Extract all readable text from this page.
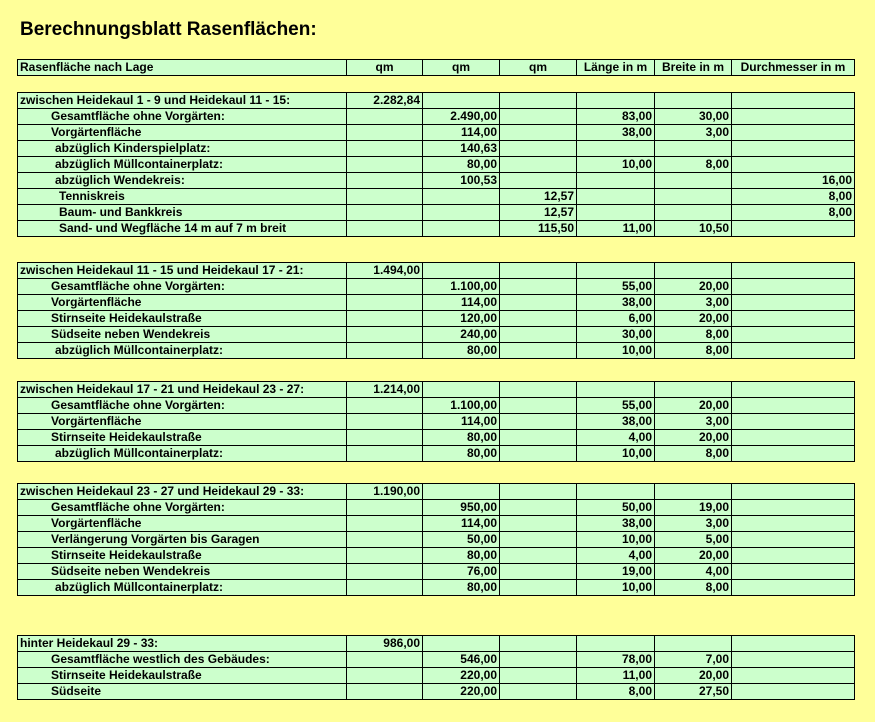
Berechnungsblatt Rasenflächen:
Rasenfläche nach Lage	qm	qm	qm	Länge in m	Breite in m	Durchmesser in m
zwischen Heidekaul 1 - 9 und Heidekaul 11 - 15:	2.282,84					
Gesamtfläche ohne Vorgärten:		2.490,00		83,00	30,00	
Vorgärtenfläche		114,00		38,00	3,00	
abzüglich Kinderspielplatz:		140,63				
abzüglich Müllcontainerplatz:		80,00		10,00	8,00	
abzüglich Wendekreis:		100,53				16,00
Tenniskreis			12,57			8,00
Baum- und Bankkreis			12,57			8,00
Sand- und Wegfläche 14 m auf 7 m breit			115,50	11,00	10,50	
zwischen Heidekaul 11 - 15 und Heidekaul 17 - 21:	1.494,00					
Gesamtfläche ohne Vorgärten:		1.100,00		55,00	20,00	
Vorgärtenfläche		114,00		38,00	3,00	
Stirnseite Heidekaulstraße		120,00		6,00	20,00	
Südseite neben Wendekreis		240,00		30,00	8,00	
abzüglich Müllcontainerplatz:		80,00		10,00	8,00	
zwischen Heidekaul 17 - 21 und Heidekaul 23 - 27:	1.214,00					
Gesamtfläche ohne Vorgärten:		1.100,00		55,00	20,00	
Vorgärtenfläche		114,00		38,00	3,00	
Stirnseite Heidekaulstraße		80,00		4,00	20,00	
abzüglich Müllcontainerplatz:		80,00		10,00	8,00	
zwischen Heidekaul 23 - 27 und Heidekaul 29 - 33:	1.190,00					
Gesamtfläche ohne Vorgärten:		950,00		50,00	19,00	
Vorgärtenfläche		114,00		38,00	3,00	
Verlängerung Vorgärten bis Garagen		50,00		10,00	5,00	
Stirnseite Heidekaulstraße		80,00		4,00	20,00	
Südseite neben Wendekreis		76,00		19,00	4,00	
abzüglich Müllcontainerplatz:		80,00		10,00	8,00	
hinter Heidekaul 29 - 33:	986,00					
Gesamtfläche westlich des Gebäudes:		546,00		78,00	7,00	
Stirnseite Heidekaulstraße		220,00		11,00	20,00	
Südseite		220,00		8,00	27,50	
